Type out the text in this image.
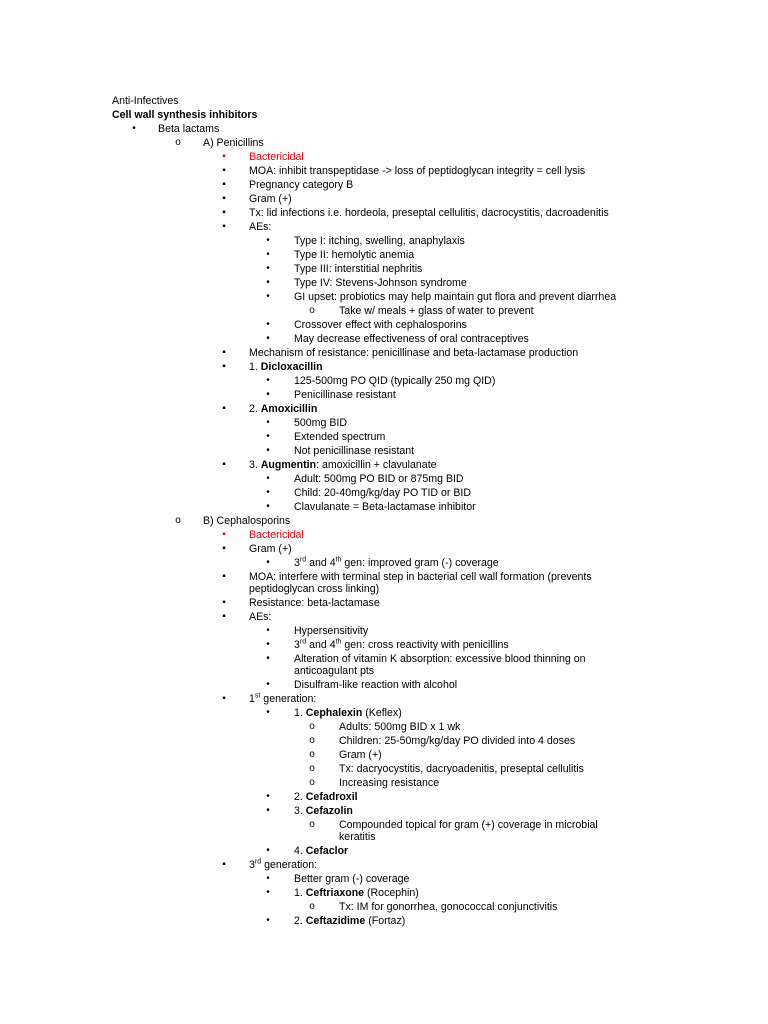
Anti-Infectives
Cell wall synthesis inhibitors
•	Beta lactams
o	A) Penicillins
▪	Bactericidal
▪	MOA: inhibit transpeptidase -> loss of peptidoglycan integrity = cell lysis
▪	Pregnancy category B
▪	Gram (+)
▪	Tx: lid infections i.e. hordeola, preseptal cellulitis, dacrocystitis, dacroadenitis
▪	AEs:
•	Type I: itching, swelling, anaphylaxis
•	Type II: hemolytic anemia
•	Type III: interstitial nephritis
•	Type IV: Stevens-Johnson syndrome
•	GI upset: probiotics may help maintain gut flora and prevent diarrhea
o	Take w/ meals + glass of water to prevent
•	Crossover effect with cephalosporins
•	May decrease effectiveness of oral contraceptives
▪	Mechanism of resistance: penicillinase and beta-lactamase production
▪	1. Dicloxacillin
•	125-500mg PO QID (typically 250 mg QID)
•	Penicillinase resistant
▪	2. Amoxicillin
•	500mg BID
•	Extended spectrum
•	Not penicillinase resistant
▪	3. Augmentin: amoxicillin + clavulanate
•	Adult: 500mg PO BID or 875mg BID
•	Child: 20-40mg/kg/day PO TID or BID
•	Clavulanate = Beta-lactamase inhibitor
o	B) Cephalosporins
▪	Bactericidal
▪	Gram (+)
•	3rd and 4th gen: improved gram (-) coverage
▪	MOA: interfere with terminal step in bacterial cell wall formation (prevents
peptidoglycan cross linking)
▪	Resistance: beta-lactamase
▪	AEs:
•	Hypersensitivity
•	3rd and 4th gen: cross reactivity with penicillins
•	Alteration of vitamin K absorption: excessive blood thinning on
anticoagulant pts
•	Disulfram-like reaction with alcohol
▪	1st generation:
•	1. Cephalexin (Keflex)
o	Adults: 500mg BID x 1 wk
o	Children: 25-50mg/kg/day PO divided into 4 doses
o	Gram (+)
o	Tx: dacryocystitis, dacryoadenitis, preseptal cellulitis
o	Increasing resistance
•	2. Cefadroxil
•	3. Cefazolin
o	Compounded topical for gram (+) coverage in microbial
keratitis
•	4. Cefaclor
▪	3rd generation:
•	Better gram (-) coverage
•	1. Ceftriaxone (Rocephin)
o	Tx: IM for gonorrhea, gonococcal conjunctivitis
•	2. Ceftazidime (Fortaz)
